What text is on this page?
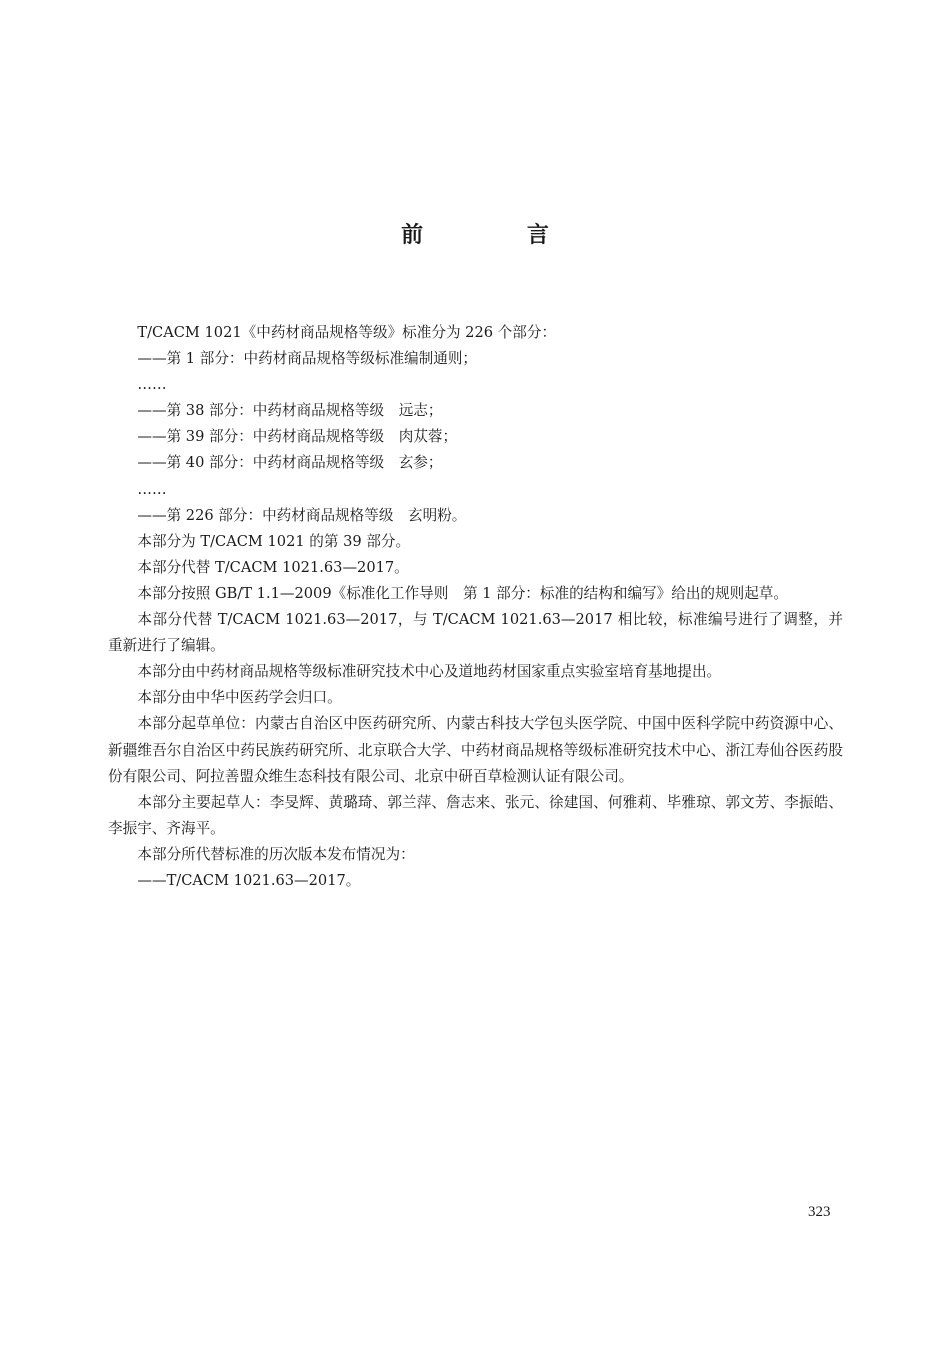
前 言

T/CACM 1021《中药材商品规格等级》标准分为 226 个部分：

——第 1 部分：中药材商品规格等级标准编制通则；

……

——第 38 部分：中药材商品规格等级　远志；

——第 39 部分：中药材商品规格等级　肉苁蓉；

——第 40 部分：中药材商品规格等级　玄参；

……

——第 226 部分：中药材商品规格等级　玄明粉。

本部分为 T/CACM 1021 的第 39 部分。

本部分代替 T/CACM 1021.63—2017。

本部分按照 GB/T 1.1—2009《标准化工作导则　第 1 部分：标准的结构和编写》给出的规则起草。

本部分代替 T/CACM 1021.63—2017，与 T/CACM 1021.63—2017 相比较，标准编号进行了调整，并重新进行了编辑。

本部分由中药材商品规格等级标准研究技术中心及道地药材国家重点实验室培育基地提出。

本部分由中华中医药学会归口。

本部分起草单位：内蒙古自治区中医药研究所、内蒙古科技大学包头医学院、中国中医科学院中药资源中心、新疆维吾尔自治区中药民族药研究所、北京联合大学、中药材商品规格等级标准研究技术中心、浙江寿仙谷医药股份有限公司、阿拉善盟众维生态科技有限公司、北京中研百草检测认证有限公司。

本部分主要起草人：李旻辉、黄璐琦、郭兰萍、詹志来、张元、徐建国、何雅莉、毕雅琼、郭文芳、李振皓、李振宇、齐海平。

本部分所代替标准的历次版本发布情况为：

——T/CACM 1021.63—2017。

323
